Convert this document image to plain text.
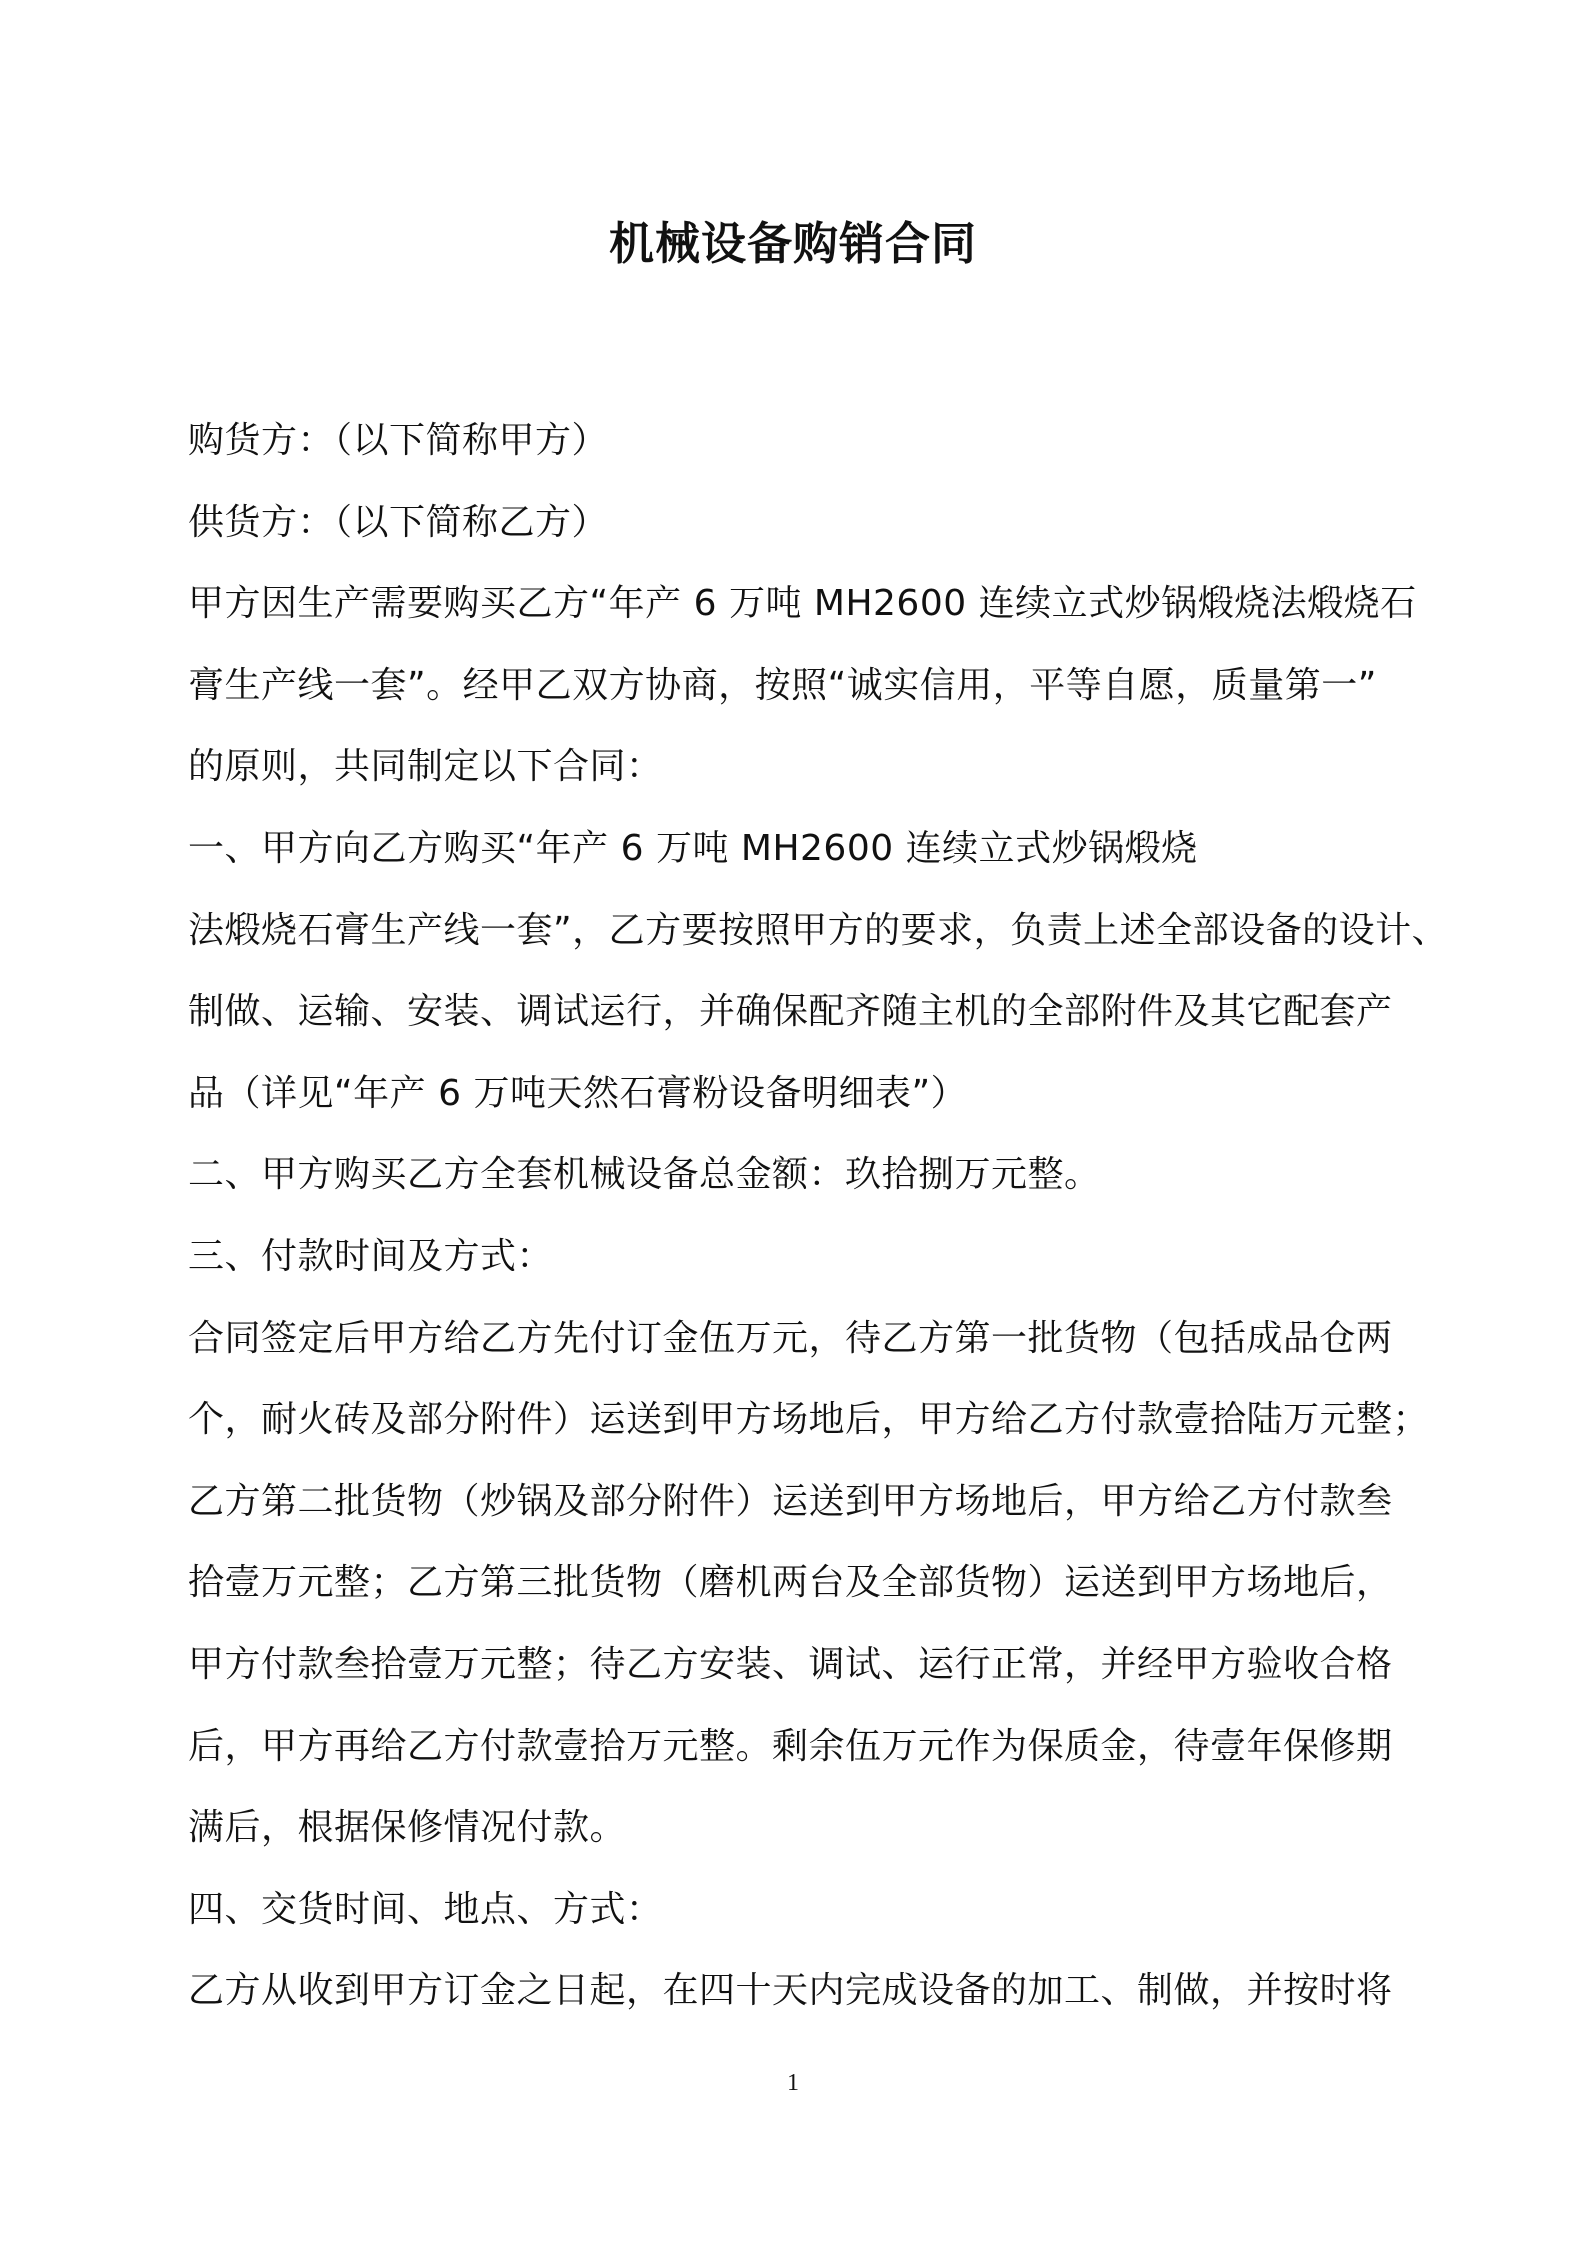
机械设备购销合同
购货方：（以下简称甲方）
供货方：（以下简称乙方）
甲方因生产需要购买乙方“年产 6 万吨 MH2600 连续立式炒锅煅烧法煅烧石
膏生产线一套”。经甲乙双方协商，按照“诚实信用，平等自愿，质量第一”
的原则，共同制定以下合同：
一、甲方向乙方购买“年产 6 万吨 MH2600 连续立式炒锅煅烧
法煅烧石膏生产线一套”，乙方要按照甲方的要求，负责上述全部设备的设计、
制做、运输、安装、调试运行，并确保配齐随主机的全部附件及其它配套产
品（详见“年产 6 万吨天然石膏粉设备明细表”）
二、甲方购买乙方全套机械设备总金额：玖拾捌万元整。
三、付款时间及方式：
合同签定后甲方给乙方先付订金伍万元，待乙方第一批货物（包括成品仓两
个，耐火砖及部分附件）运送到甲方场地后，甲方给乙方付款壹拾陆万元整；
乙方第二批货物（炒锅及部分附件）运送到甲方场地后，甲方给乙方付款叁
拾壹万元整；乙方第三批货物（磨机两台及全部货物）运送到甲方场地后，
甲方付款叁拾壹万元整；待乙方安装、调试、运行正常，并经甲方验收合格
后，甲方再给乙方付款壹拾万元整。剩余伍万元作为保质金，待壹年保修期
满后，根据保修情况付款。
四、交货时间、地点、方式：
乙方从收到甲方订金之日起，在四十天内完成设备的加工、制做，并按时将
1
